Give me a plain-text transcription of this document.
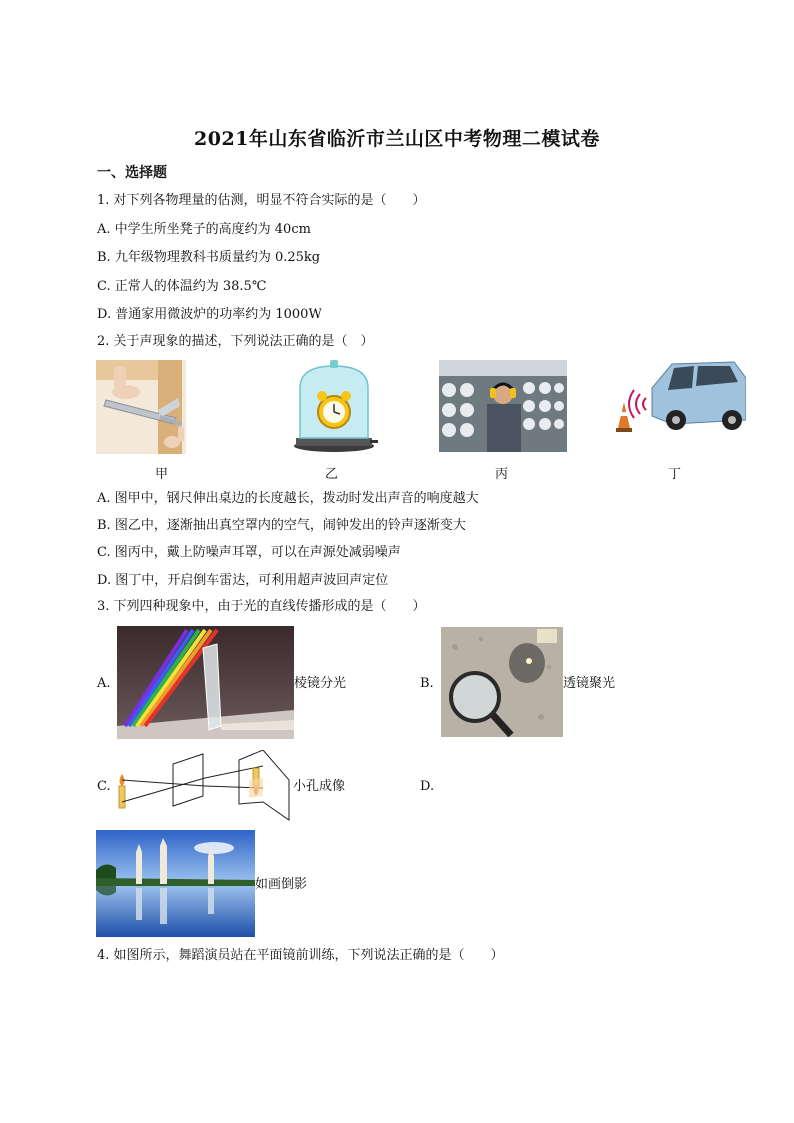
2021年山东省临沂市兰山区中考物理二模试卷
一、选择题
1. 对下列各物理量的估测，明显不符合实际的是（　　）
A. 中学生所坐凳子的高度约为 40cm
B. 九年级物理教科书质量约为 0.25kg
C. 正常人的体温约为 38.5℃
D. 普通家用微波炉的功率约为 1000W
2. 关于声现象的描述，下列说法正确的是（　）
甲	乙	丙	丁
A. 图甲中，钢尺伸出桌边的长度越长，拨动时发出声音的响度越大
B. 图乙中，逐渐抽出真空罩内的空气，闹钟发出的铃声逐渐变大
C. 图丙中，戴上防噪声耳罩，可以在声源处减弱噪声
D. 图丁中，开启倒车雷达，可利用超声波回声定位
3. 下列四种现象中，由于光的直线传播形成的是（　　）
A.	棱镜分光	B.	透镜聚光
C.	小孔成像	D.
如画倒影
4. 如图所示，舞蹈演员站在平面镜前训练，下列说法正确的是（　　）
